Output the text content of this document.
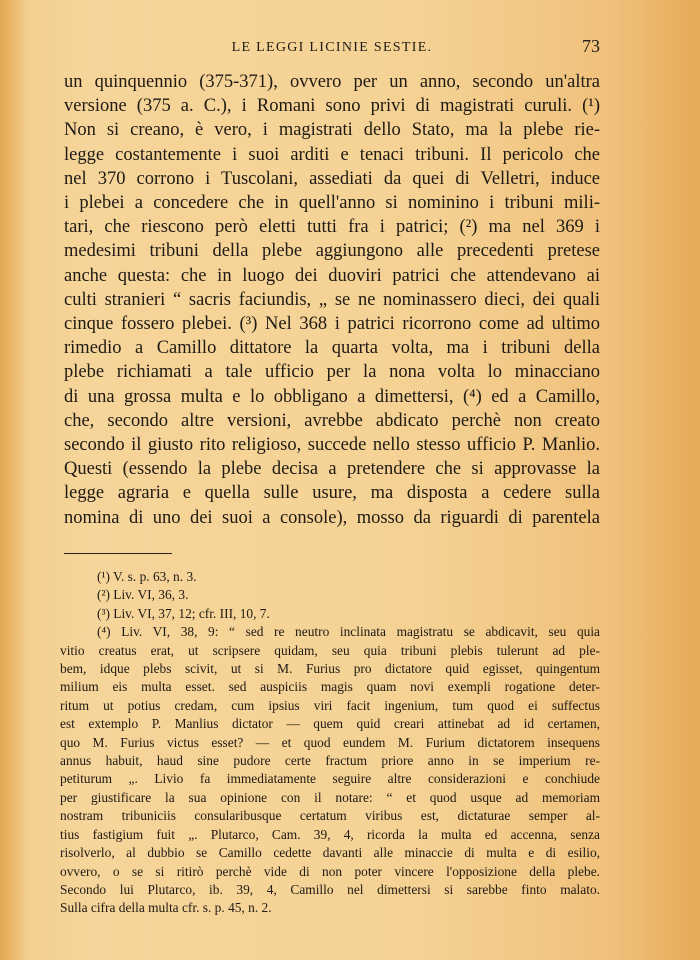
LE LEGGI LICINIE SESTIE.	73
un quinquennio (375-371), ovvero per un anno, secondo un'altra
versione (375 a. C.), i Romani sono privi di magistrati curuli. (¹)
Non si creano, è vero, i magistrati dello Stato, ma la plebe rie-
legge costantemente i suoi arditi e tenaci tribuni. Il pericolo che
nel 370 corrono i Tuscolani, assediati da quei di Velletri, induce
i plebei a concedere che in quell'anno si nominino i tribuni mili-
tari, che riescono però eletti tutti fra i patrici; (²) ma nel 369 i
medesimi tribuni della plebe aggiungono alle precedenti pretese
anche questa: che in luogo dei duoviri patrici che attendevano ai
culti stranieri “ sacris faciundis, „ se ne nominassero dieci, dei quali
cinque fossero plebei. (³) Nel 368 i patrici ricorrono come ad ultimo
rimedio a Camillo dittatore la quarta volta, ma i tribuni della
plebe richiamati a tale ufficio per la nona volta lo minacciano
di una grossa multa e lo obbligano a dimettersi, (⁴) ed a Camillo,
che, secondo altre versioni, avrebbe abdicato perchè non creato
secondo il giusto rito religioso, succede nello stesso ufficio P. Manlio.
Questi (essendo la plebe decisa a pretendere che si approvasse la
legge agraria e quella sulle usure, ma disposta a cedere sulla
nomina di uno dei suoi a console), mosso da riguardi di parentela
(¹) V. s. p. 63, n. 3.
(²) Liv. VI, 36, 3.
(³) Liv. VI, 37, 12; cfr. III, 10, 7.
(⁴) Liv. VI, 38, 9: “ sed re neutro inclinata magistratu se abdicavit, seu quia
vitio creatus erat, ut scripsere quidam, seu quia tribuni plebis tulerunt ad ple-
bem, idque plebs scivit, ut si M. Furius pro dictatore quid egisset, quingentum
milium eis multa esset. sed auspiciis magis quam novi exempli rogatione deter-
ritum ut potius credam, cum ipsius viri facit ingenium, tum quod ei suffectus
est extemplo P. Manlius dictator — quem quid creari attinebat ad id certamen,
quo M. Furius victus esset? — et quod eundem M. Furium dictatorem insequens
annus habuit, haud sine pudore certe fractum priore anno in se imperium re-
petiturum „. Livio fa immediatamente seguire altre considerazioni e conchiude
per giustificare la sua opinione con il notare: “ et quod usque ad memoriam
nostram tribuniciis consularibusque certatum viribus est, dictaturae semper al-
tius fastigium fuit „. Plutarco, Cam. 39, 4, ricorda la multa ed accenna, senza
risolverlo, al dubbio se Camillo cedette davanti alle minaccie di multa e di esilio,
ovvero, o se si ritirò perchè vide di non poter vincere l'opposizione della plebe.
Secondo lui Plutarco, ib. 39, 4, Camillo nel dimettersi si sarebbe finto malato.
Sulla cifra della multa cfr. s. p. 45, n. 2.
